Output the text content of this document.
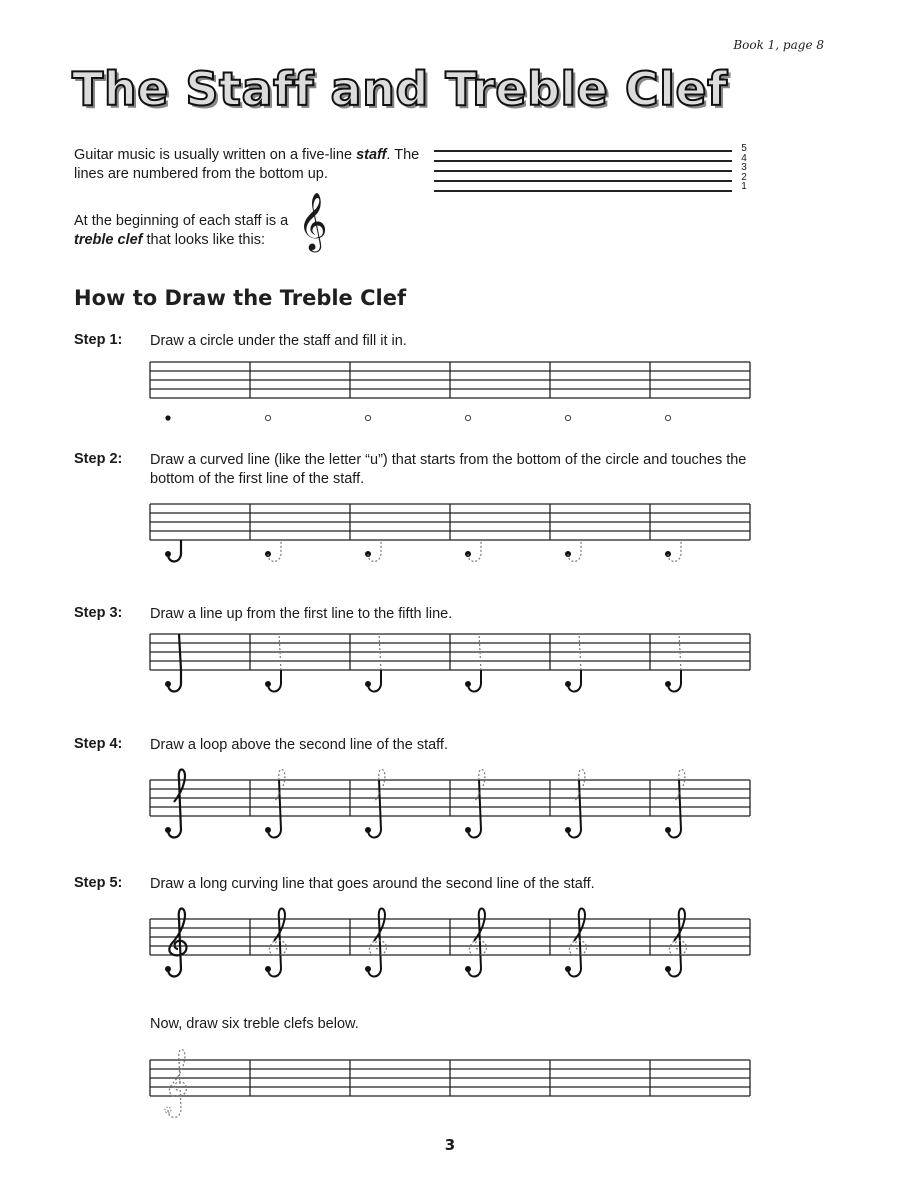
Book 1, page 8
The Staff and Treble Clef
Guitar music is usually written on a five-line staff. The lines are numbered from the bottom up.
At the beginning of each staff is a treble clef that looks like this: 𝄞
5
4
3
2
1
How to Draw the Treble Clef
Step 1: Draw a circle under the staff and fill it in.
Step 2: Draw a curved line (like the letter “u”) that starts from the bottom of the circle and touches the bottom of the first line of the staff.
Step 3: Draw a line up from the first line to the fifth line.
Step 4: Draw a loop above the second line of the staff.
Step 5: Draw a long curving line that goes around the second line of the staff.
Now, draw six treble clefs below.
3
